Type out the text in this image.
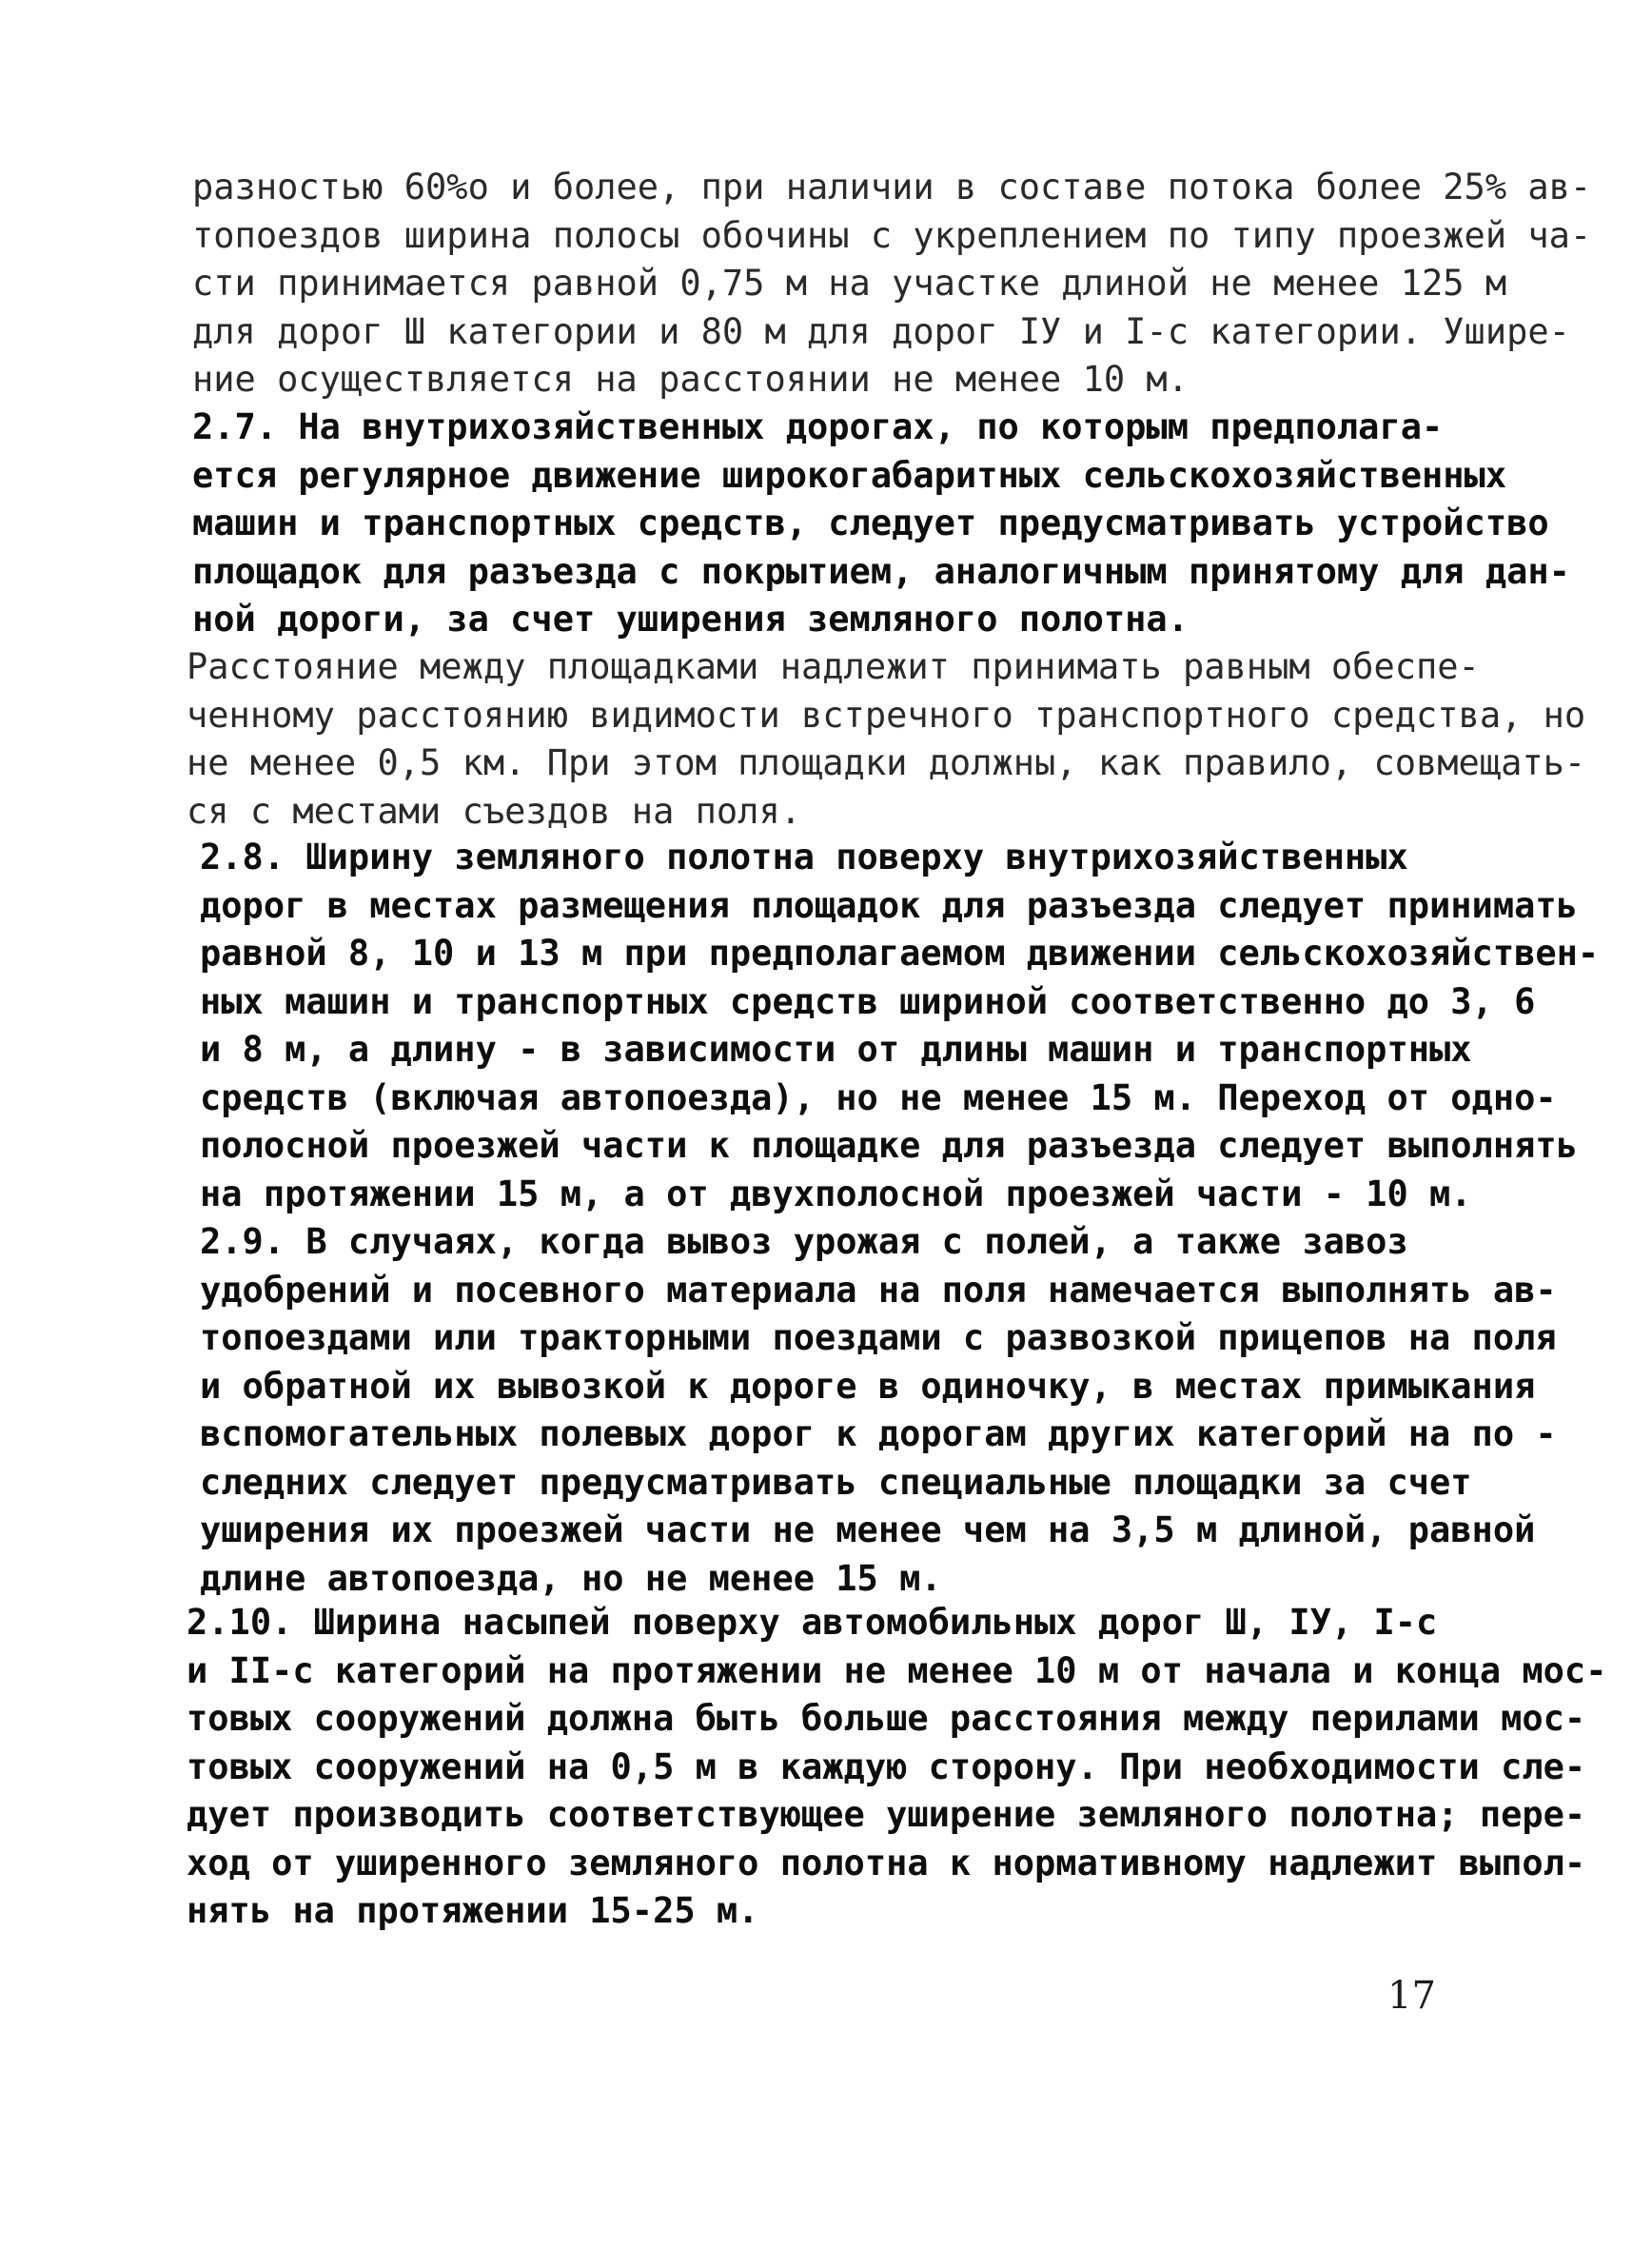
разностью 60%о и более, при наличии в составе потока более 25% ав-
топоездов ширина полосы обочины с укреплением по типу проезжей ча-
сти принимается равной 0,75 м на участке длиной не менее 125 м
для дорог Ш категории и 80 м для дорог IУ и I-с категории. Ушире-
ние осуществляется на расстоянии не менее 10 м.
2.7. На внутрихозяйственных дорогах, по которым предполага-
ется регулярное движение широкогабаритных сельскохозяйственных
машин и транспортных средств, следует предусматривать устройство
площадок для разъезда с покрытием, аналогичным принятому для дан-
ной дороги, за счет уширения земляного полотна.
Расстояние между площадками надлежит принимать равным обеспе-
ченному расстоянию видимости встречного транспортного средства, но
не менее 0,5 км. При этом площадки должны, как правило, совмещать-
ся с местами съездов на поля.
2.8. Ширину земляного полотна поверху внутрихозяйственных
дорог в местах размещения площадок для разъезда следует принимать
равной 8, 10 и 13 м при предполагаемом движении сельскохозяйствен-
ных машин и транспортных средств шириной соответственно до 3, 6
и 8 м, а длину - в зависимости от длины машин и транспортных
средств (включая автопоезда), но не менее 15 м. Переход от одно-
полосной проезжей части к площадке для разъезда следует выполнять
на протяжении 15 м, а от двухполосной проезжей части - 10 м.
2.9. В случаях, когда вывоз урожая с полей, а также завоз
удобрений и посевного материала на поля намечается выполнять ав-
топоездами или тракторными поездами с развозкой прицепов на поля
и обратной их вывозкой к дороге в одиночку, в местах примыкания
вспомогательных полевых дорог к дорогам других категорий на по -
следних следует предусматривать специальные площадки за счет
уширения их проезжей части не менее чем на 3,5 м длиной, равной
длине автопоезда, но не менее 15 м.
2.10. Ширина насыпей поверху автомобильных дорог Ш, IУ, I-с
и II-с категорий на протяжении не менее 10 м от начала и конца мос-
товых сооружений должна быть больше расстояния между перилами мос-
товых сооружений на 0,5 м в каждую сторону. При необходимости сле-
дует производить соответствующее уширение земляного полотна; пере-
ход от уширенного земляного полотна к нормативному надлежит выпол-
нять на протяжении 15-25 м.
17
